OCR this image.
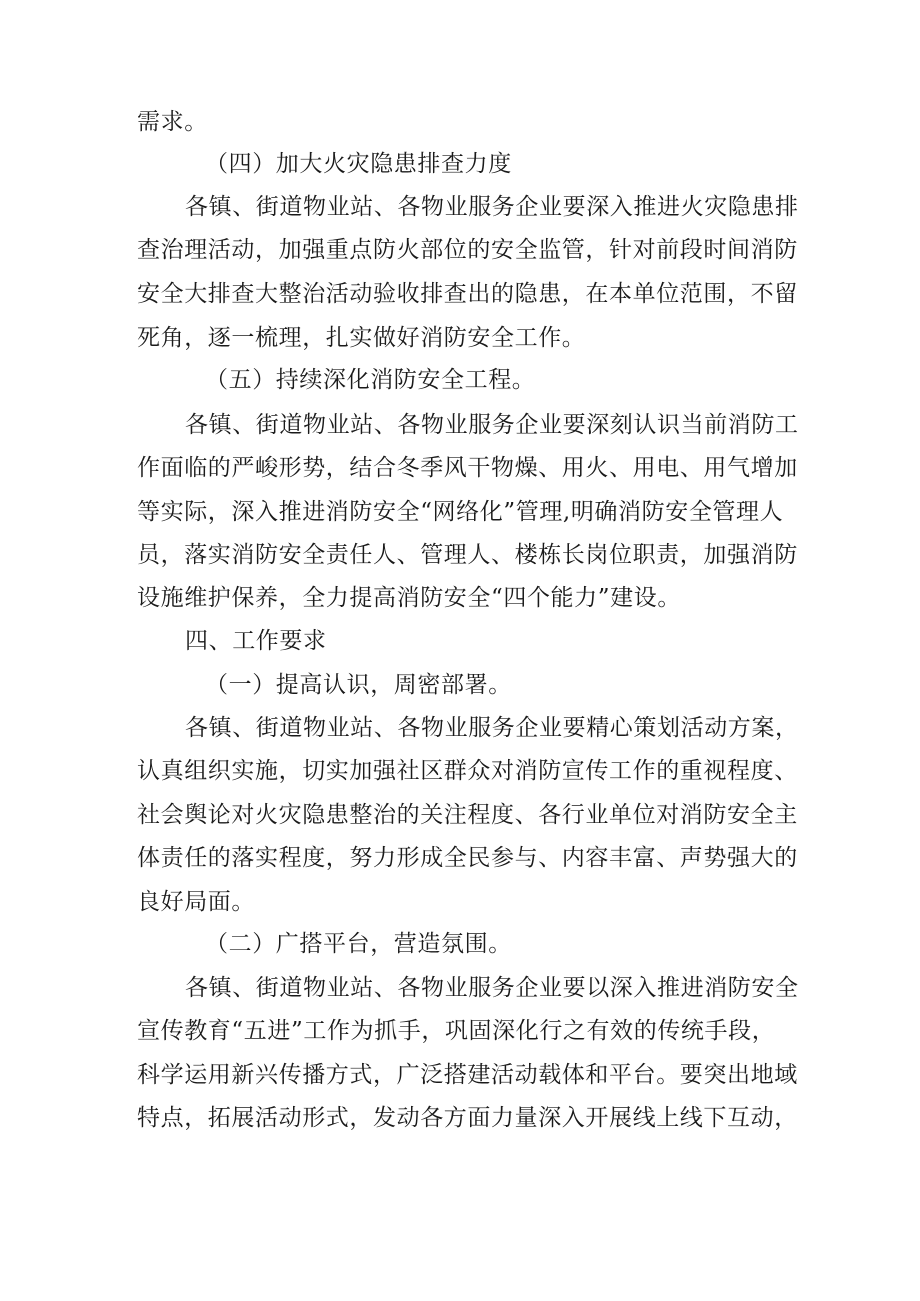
需求。
（四）加大火灾隐患排查力度
各镇、街道物业站、各物业服务企业要深入推进火灾隐患排
查治理活动，加强重点防火部位的安全监管，针对前段时间消防
安全大排查大整治活动验收排查出的隐患，在本单位范围，不留
死角，逐一梳理，扎实做好消防安全工作。
（五）持续深化消防安全工程。
各镇、街道物业站、各物业服务企业要深刻认识当前消防工
作面临的严峻形势，结合冬季风干物燥、用火、用电、用气增加
等实际，深入推进消防安全“网络化”管理,明确消防安全管理人
员，落实消防安全责任人、管理人、楼栋长岗位职责，加强消防
设施维护保养，全力提高消防安全“四个能力”建设。
四、工作要求
（一）提高认识，周密部署。
各镇、街道物业站、各物业服务企业要精心策划活动方案，
认真组织实施，切实加强社区群众对消防宣传工作的重视程度、
社会舆论对火灾隐患整治的关注程度、各行业单位对消防安全主
体责任的落实程度，努力形成全民参与、内容丰富、声势强大的
良好局面。
（二）广搭平台，营造氛围。
各镇、街道物业站、各物业服务企业要以深入推进消防安全
宣传教育“五进”工作为抓手，巩固深化行之有效的传统手段，
科学运用新兴传播方式，广泛搭建活动载体和平台。要突出地域
特点，拓展活动形式，发动各方面力量深入开展线上线下互动，
